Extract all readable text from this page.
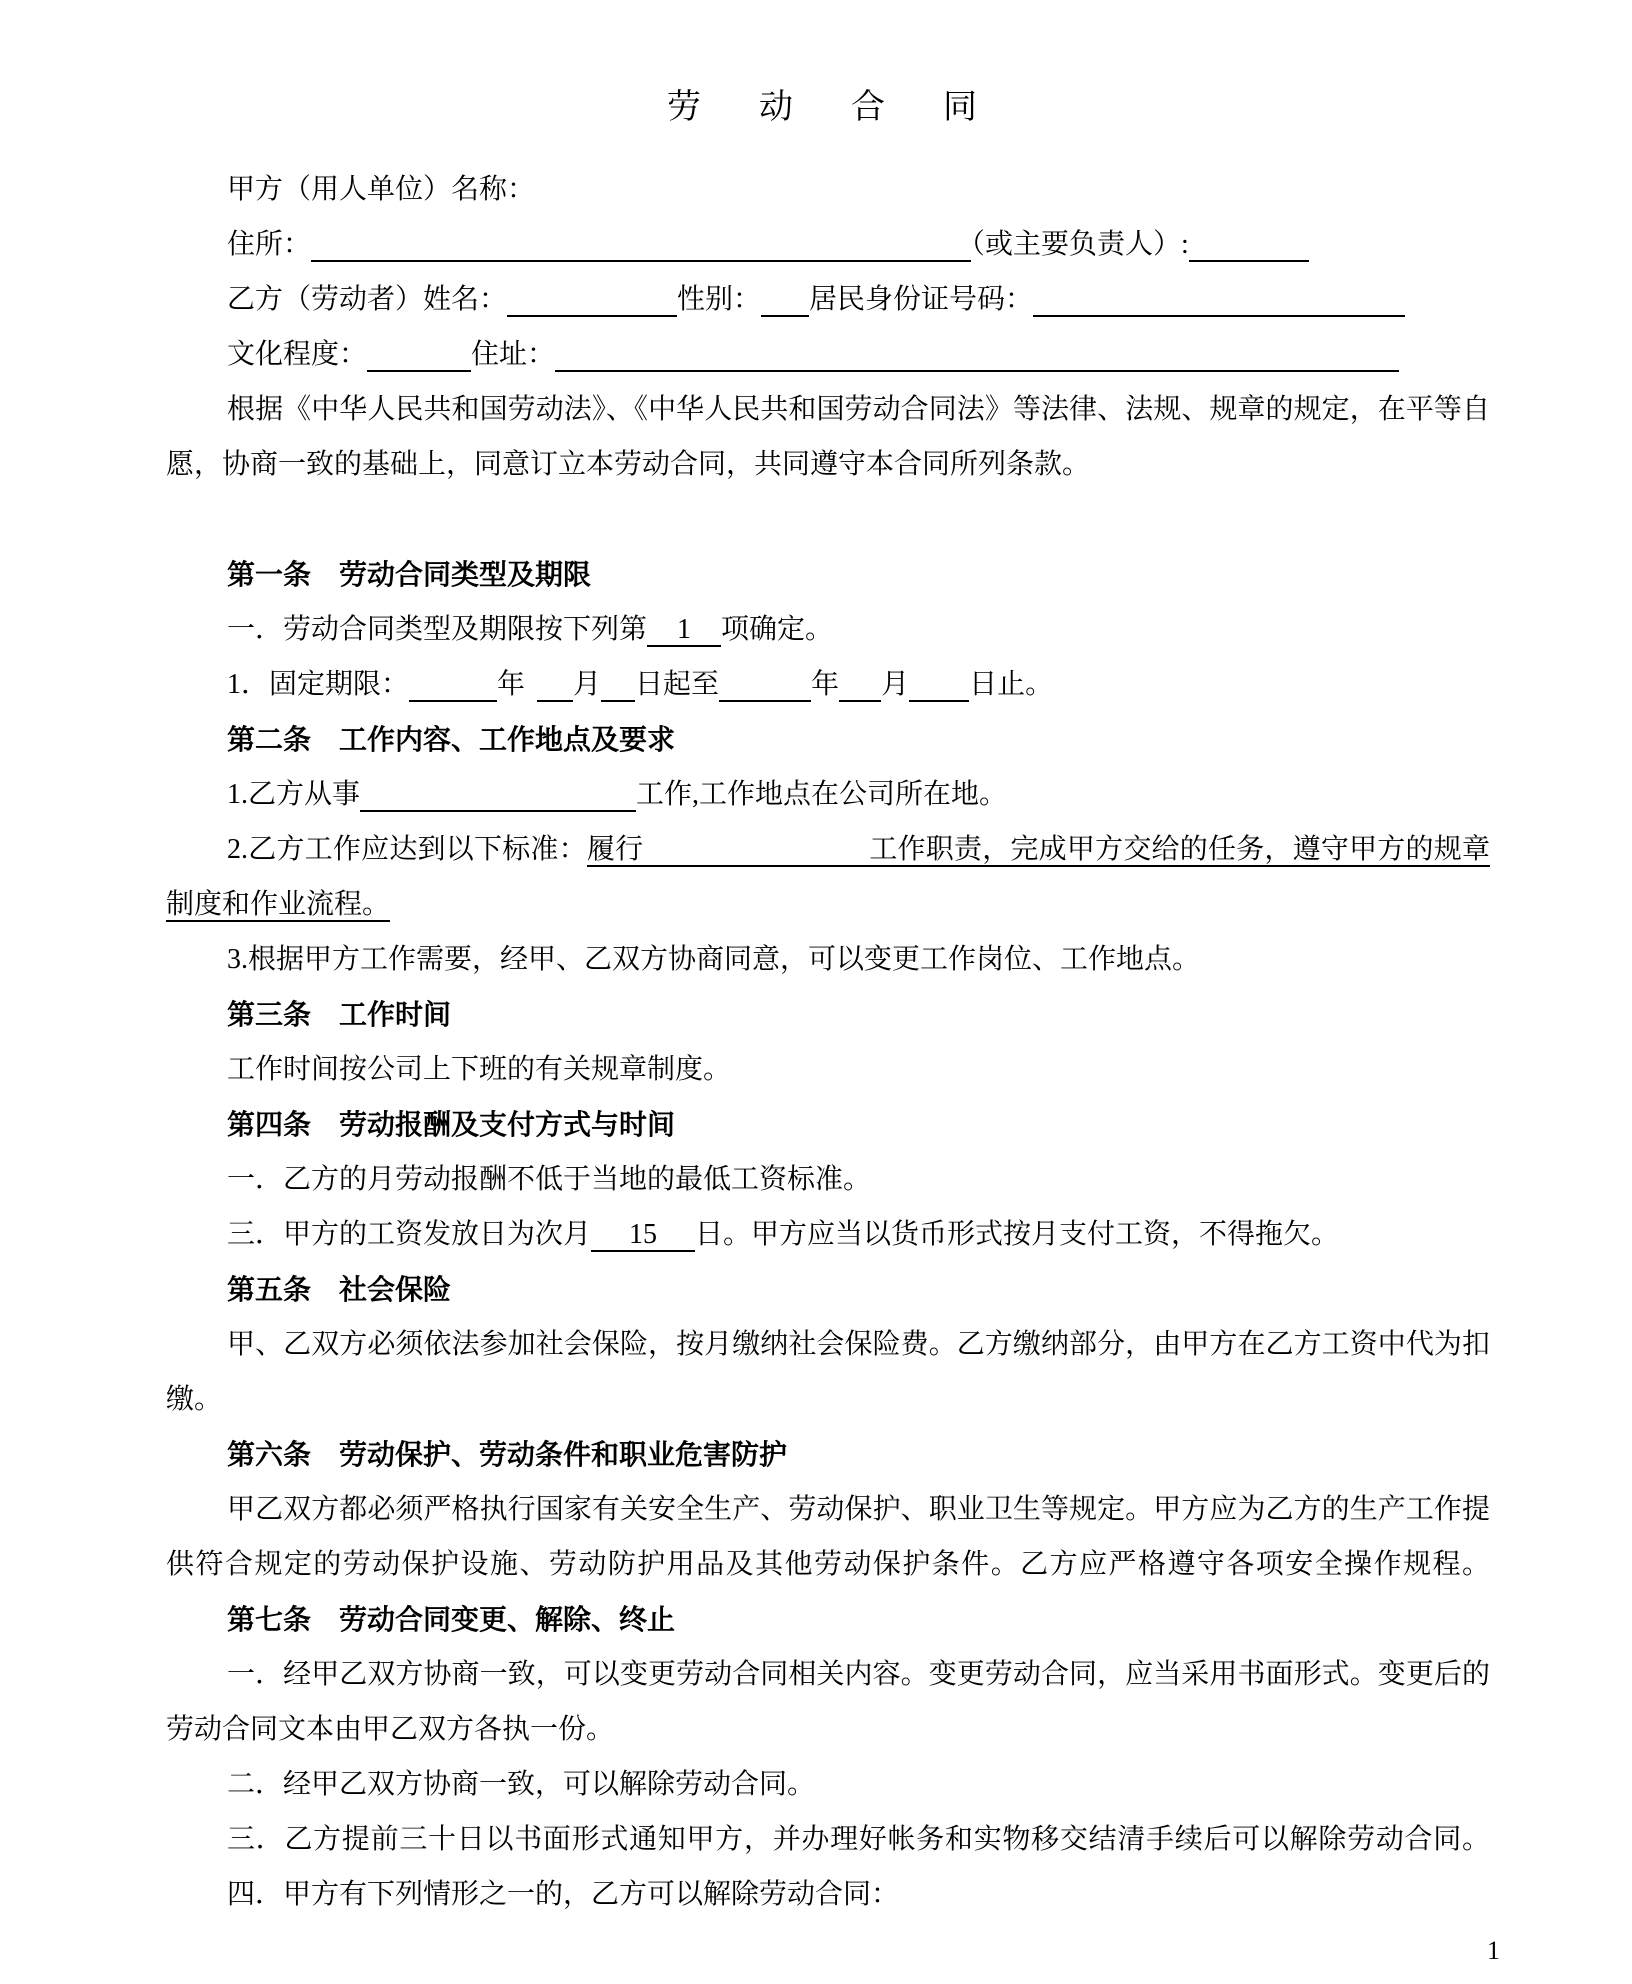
劳　动　合　同
甲方（用人单位）名称：
住所：	（或主要负责人）:
乙方（劳动者）姓名：	性别： 居民身份证号码：
文化程度：	住址：
根据《中华人民共和国劳动法》、《中华人民共和国劳动合同法》等法律、法规、规章的规定，在平等自
愿，协商一致的基础上，同意订立本劳动合同，共同遵守本合同所列条款。
第一条　劳动合同类型及期限
一．劳动合同类型及期限按下列第 1 项确定。
1．固定期限：	年 月 日起至	年 月 日止。
第二条　工作内容、工作地点及要求
1.乙方从事	工作,工作地点在公司所在地。
2.乙方工作应达到以下标准：履行	工作职责，完成甲方交给的任务，遵守甲方的规章
制度和作业流程。
3.根据甲方工作需要，经甲、乙双方协商同意，可以变更工作岗位、工作地点。
第三条　工作时间
工作时间按公司上下班的有关规章制度。
第四条　劳动报酬及支付方式与时间
一．乙方的月劳动报酬不低于当地的最低工资标准。
三．甲方的工资发放日为次月 15 日。甲方应当以货币形式按月支付工资，不得拖欠。
第五条　社会保险
甲、乙双方必须依法参加社会保险，按月缴纳社会保险费。乙方缴纳部分，由甲方在乙方工资中代为扣
缴。
第六条　劳动保护、劳动条件和职业危害防护
甲乙双方都必须严格执行国家有关安全生产、劳动保护、职业卫生等规定。甲方应为乙方的生产工作提
供符合规定的劳动保护设施、劳动防护用品及其他劳动保护条件。乙方应严格遵守各项安全操作规程。
第七条　劳动合同变更、解除、终止
一．经甲乙双方协商一致，可以变更劳动合同相关内容。变更劳动合同，应当采用书面形式。变更后的
劳动合同文本由甲乙双方各执一份。
二．经甲乙双方协商一致，可以解除劳动合同。
三．乙方提前三十日以书面形式通知甲方，并办理好帐务和实物移交结清手续后可以解除劳动合同。
四．甲方有下列情形之一的，乙方可以解除劳动合同：
1
